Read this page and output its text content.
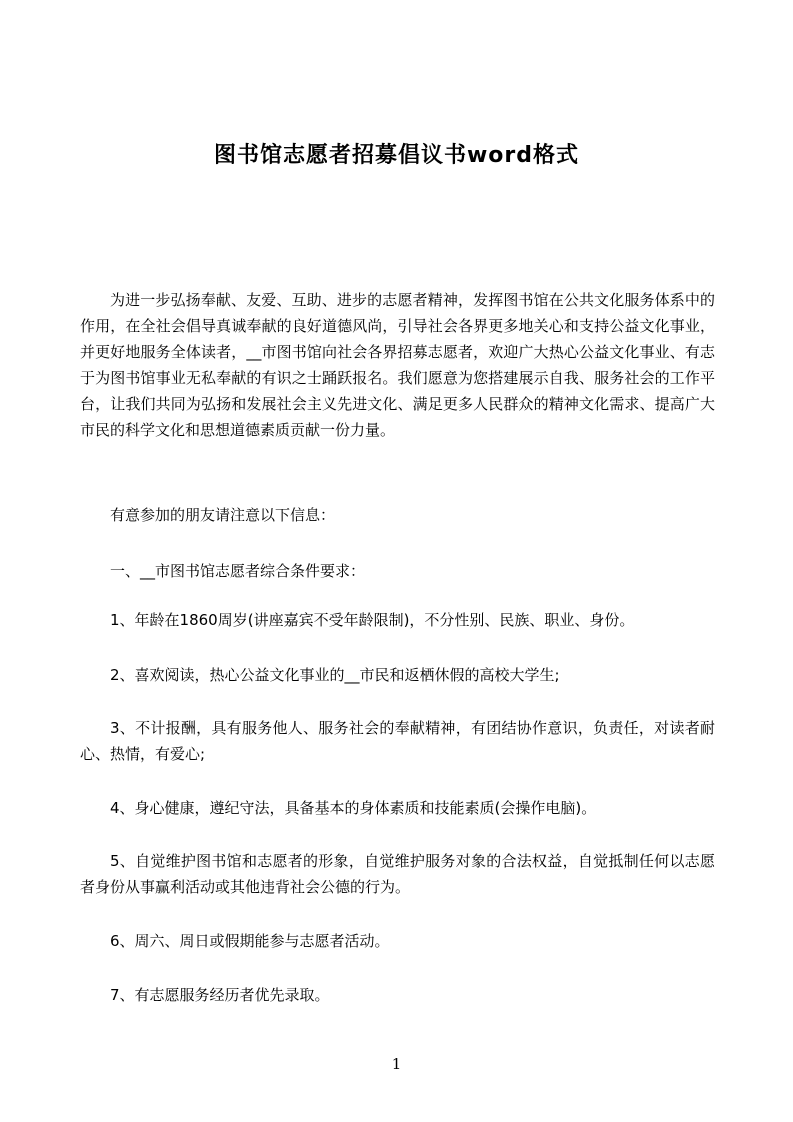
图书馆志愿者招募倡议书word格式
为进一步弘扬奉献、友爱、互助、进步的志愿者精神，发挥图书馆在公共文化服务体系中的作用，在全社会倡导真诚奉献的良好道德风尚，引导社会各界更多地关心和支持公益文化事业，并更好地服务全体读者，__市图书馆向社会各界招募志愿者，欢迎广大热心公益文化事业、有志于为图书馆事业无私奉献的有识之士踊跃报名。我们愿意为您搭建展示自我、服务社会的工作平台，让我们共同为弘扬和发展社会主义先进文化、满足更多人民群众的精神文化需求、提高广大市民的科学文化和思想道德素质贡献一份力量。
有意参加的朋友请注意以下信息：
一、__市图书馆志愿者综合条件要求：
1、年龄在1860周岁(讲座嘉宾不受年龄限制)，不分性别、民族、职业、身份。
2、喜欢阅读，热心公益文化事业的__市民和返栖休假的高校大学生;
3、不计报酬，具有服务他人、服务社会的奉献精神，有团结协作意识，负责任，对读者耐心、热情，有爱心;
4、身心健康，遵纪守法，具备基本的身体素质和技能素质(会操作电脑)。
5、自觉维护图书馆和志愿者的形象，自觉维护服务对象的合法权益，自觉抵制任何以志愿者身份从事赢利活动或其他违背社会公德的行为。
6、周六、周日或假期能参与志愿者活动。
7、有志愿服务经历者优先录取。
1
